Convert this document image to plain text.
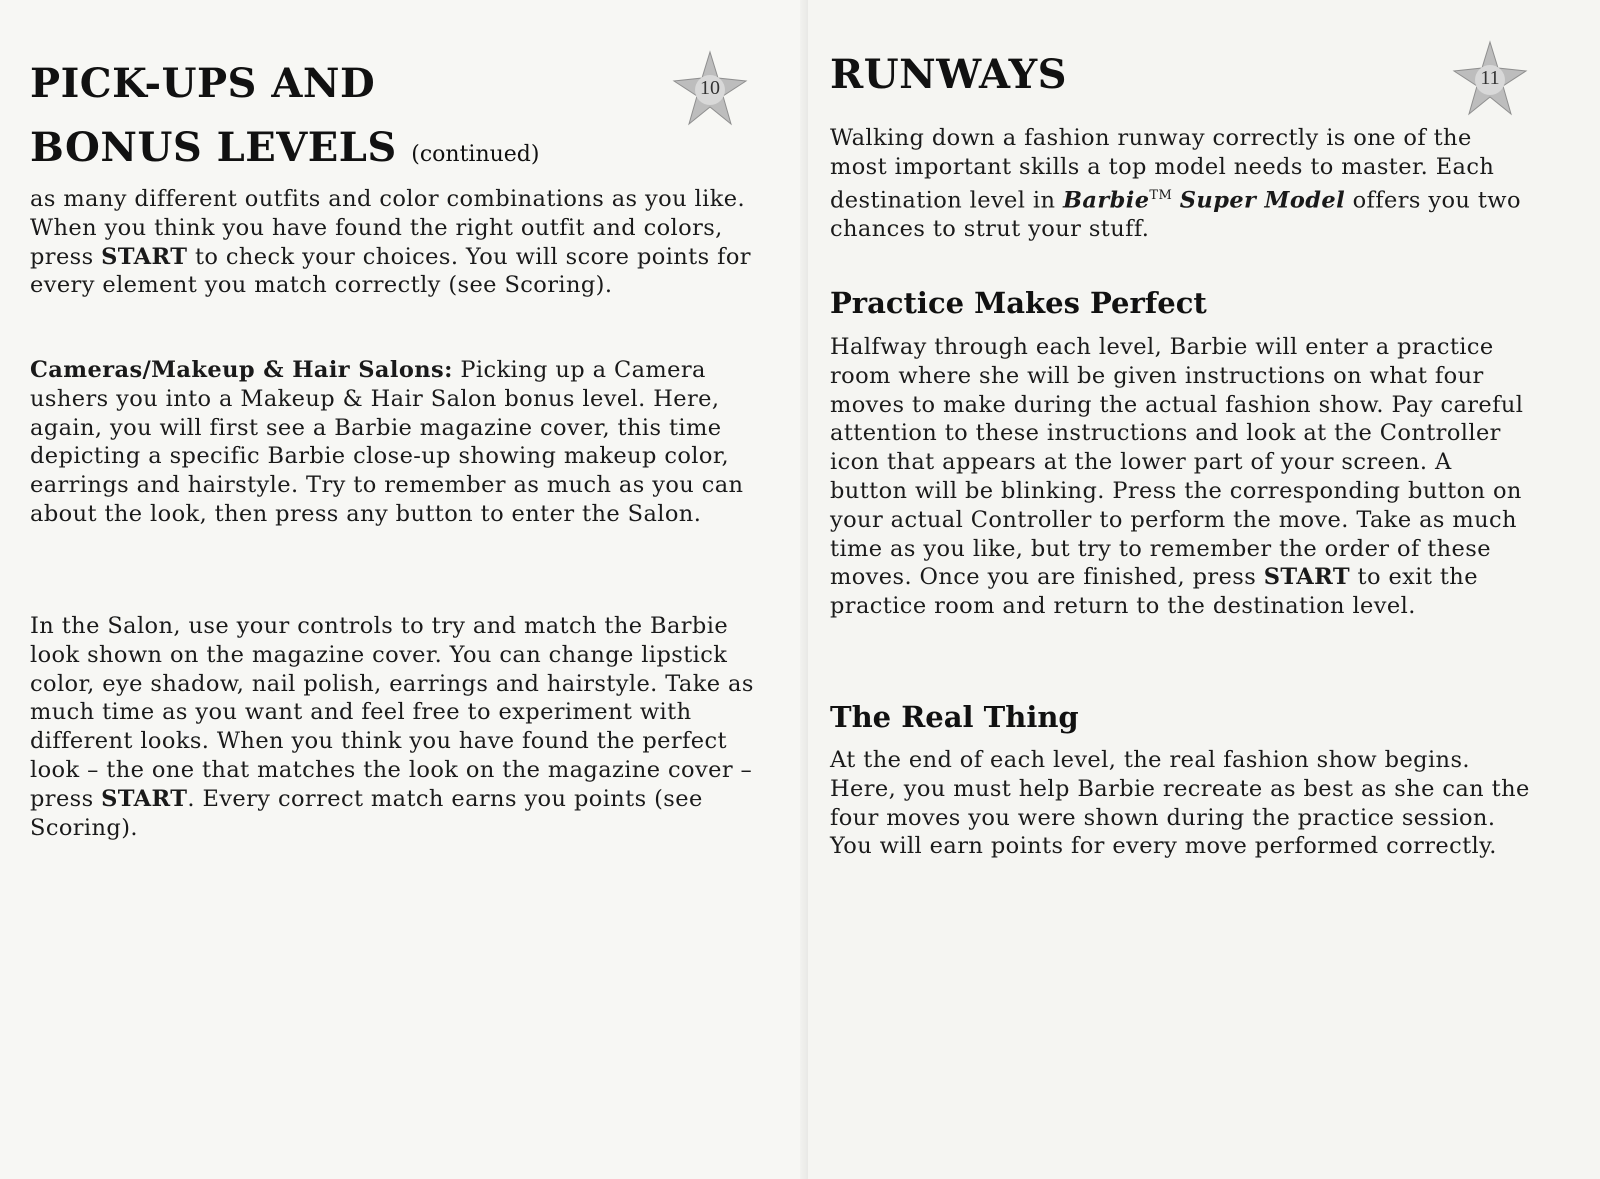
PICK-UPS AND
BONUS LEVELS (continued)
10

as many different outfits and color combinations as you like. When you think you have found the right outfit and colors, press START to check your choices. You will score points for every element you match correctly (see Scoring).

Cameras/Makeup & Hair Salons: Picking up a Camera ushers you into a Makeup & Hair Salon bonus level. Here, again, you will first see a Barbie magazine cover, this time depicting a specific Barbie close-up showing makeup color, earrings and hairstyle. Try to remember as much as you can about the look, then press any button to enter the Salon.

In the Salon, use your controls to try and match the Barbie look shown on the magazine cover. You can change lipstick color, eye shadow, nail polish, earrings and hairstyle. Take as much time as you want and feel free to experiment with different looks. When you think you have found the perfect look – the one that matches the look on the magazine cover – press START. Every correct match earns you points (see Scoring).

RUNWAYS	11

Walking down a fashion runway correctly is one of the most important skills a top model needs to master. Each destination level in Barbie™ Super Model offers you two chances to strut your stuff.

Practice Makes Perfect

Halfway through each level, Barbie will enter a practice room where she will be given instructions on what four moves to make during the actual fashion show. Pay careful attention to these instructions and look at the Controller icon that appears at the lower part of your screen. A button will be blinking. Press the corresponding button on your actual Controller to perform the move. Take as much time as you like, but try to remember the order of these moves. Once you are finished, press START to exit the practice room and return to the destination level.

The Real Thing

At the end of each level, the real fashion show begins. Here, you must help Barbie recreate as best as she can the four moves you were shown during the practice session. You will earn points for every move performed correctly.
